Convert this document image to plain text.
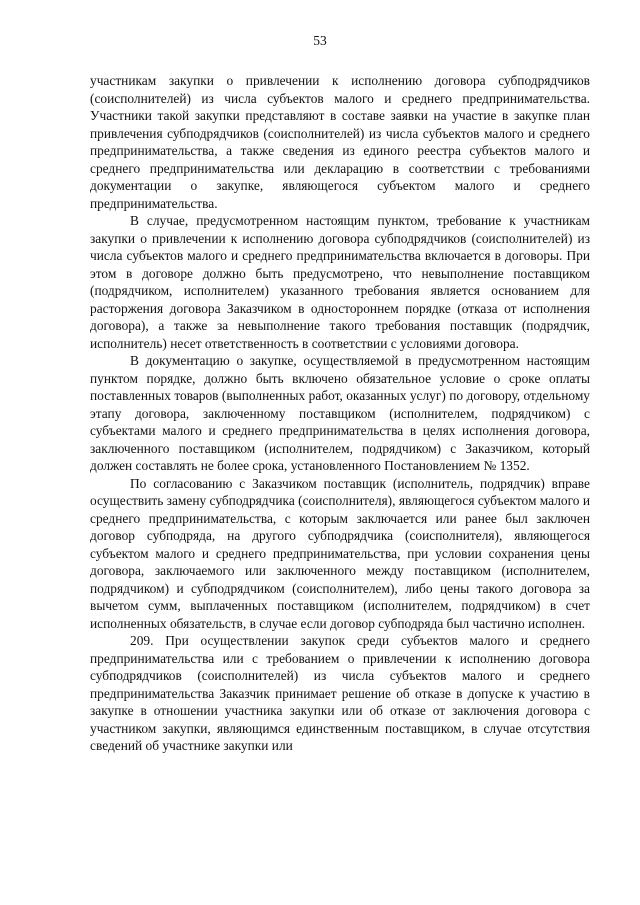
53

участникам закупки о привлечении к исполнению договора субподрядчиков (соисполнителей) из числа субъектов малого и среднего предпринимательства. Участники такой закупки представляют в составе заявки на участие в закупке план привлечения субподрядчиков (соисполнителей) из числа субъектов малого и среднего предпринимательства, а также сведения из единого реестра субъектов малого и среднего предпринимательства или декларацию в соответствии с требованиями документации о закупке, являющегося субъектом малого и среднего предпринимательства.

В случае, предусмотренном настоящим пунктом, требование к участникам закупки о привлечении к исполнению договора субподрядчиков (соисполнителей) из числа субъектов малого и среднего предпринимательства включается в договоры. При этом в договоре должно быть предусмотрено, что невыполнение поставщиком (подрядчиком, исполнителем) указанного требования является основанием для расторжения договора Заказчиком в одностороннем порядке (отказа от исполнения договора), а также за невыполнение такого требования поставщик (подрядчик, исполнитель) несет ответственность в соответствии с условиями договора.

В документацию о закупке, осуществляемой в предусмотренном настоящим пунктом порядке, должно быть включено обязательное условие о сроке оплаты поставленных товаров (выполненных работ, оказанных услуг) по договору, отдельному этапу договора, заключенному поставщиком (исполнителем, подрядчиком) с субъектами малого и среднего предпринимательства в целях исполнения договора, заключенного поставщиком (исполнителем, подрядчиком) с Заказчиком, который должен составлять не более срока, установленного Постановлением № 1352.

По согласованию с Заказчиком поставщик (исполнитель, подрядчик) вправе осуществить замену субподрядчика (соисполнителя), являющегося субъектом малого и среднего предпринимательства, с которым заключается или ранее был заключен договор субподряда, на другого субподрядчика (соисполнителя), являющегося субъектом малого и среднего предпринимательства, при условии сохранения цены договора, заключаемого или заключенного между поставщиком (исполнителем, подрядчиком) и субподрядчиком (соисполнителем), либо цены такого договора за вычетом сумм, выплаченных поставщиком (исполнителем, подрядчиком) в счет исполненных обязательств, в случае если договор субподряда был частично исполнен.

209. При осуществлении закупок среди субъектов малого и среднего предпринимательства или с требованием о привлечении к исполнению договора субподрядчиков (соисполнителей) из числа субъектов малого и среднего предпринимательства Заказчик принимает решение об отказе в допуске к участию в закупке в отношении участника закупки или об отказе от заключения договора с участником закупки, являющимся единственным поставщиком, в случае отсутствия сведений об участнике закупки или
